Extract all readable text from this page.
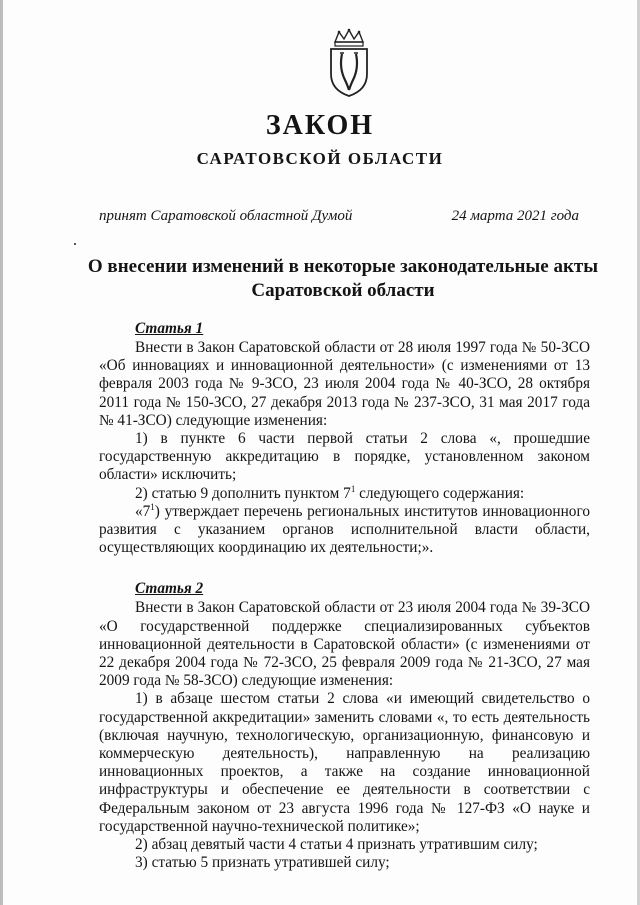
ЗАКОН
САРАТОВСКОЙ ОБЛАСТИ
принят Саратовской областной Думой	24 марта 2021 года
О внесении изменений в некоторые законодательные акты Саратовской области

Статья 1

Внести в Закон Саратовской области от 28 июля 1997 года № 50-ЗСО «Об инновациях и инновационной деятельности» (с изменениями от 13 февраля 2003 года № 9-ЗСО, 23 июля 2004 года № 40-ЗСО, 28 октября 2011 года № 150-ЗСО, 27 декабря 2013 года № 237-ЗСО, 31 мая 2017 года № 41-ЗСО) следующие изменения:

1) в пункте 6 части первой статьи 2 слова «, прошедшие государственную аккредитацию в порядке, установленном законом области» исключить;

2) статью 9 дополнить пунктом $7^1$ следующего содержания:

«$7^1$) утверждает перечень региональных институтов инновационного развития с указанием органов исполнительной власти области, осуществляющих координацию их деятельности;».

Статья 2

Внести в Закон Саратовской области от 23 июля 2004 года № 39-ЗСО «О государственной поддержке специализированных субъектов инновационной деятельности в Саратовской области» (с изменениями от 22 декабря 2004 года № 72-ЗСО, 25 февраля 2009 года № 21-ЗСО, 27 мая 2009 года № 58-ЗСО) следующие изменения:

1) в абзаце шестом статьи 2 слова «и имеющий свидетельство о государственной аккредитации» заменить словами «, то есть деятельность (включая научную, технологическую, организационную, финансовую и коммерческую деятельность), направленную на реализацию инновационных проектов, а также на создание инновационной инфраструктуры и обеспечение ее деятельности в соответствии с Федеральным законом от 23 августа 1996 года № 127-ФЗ «О науке и государственной научно-технической политике»;

2) абзац девятый части 4 статьи 4 признать утратившим силу;

3) статью 5 признать утратившей силу;
